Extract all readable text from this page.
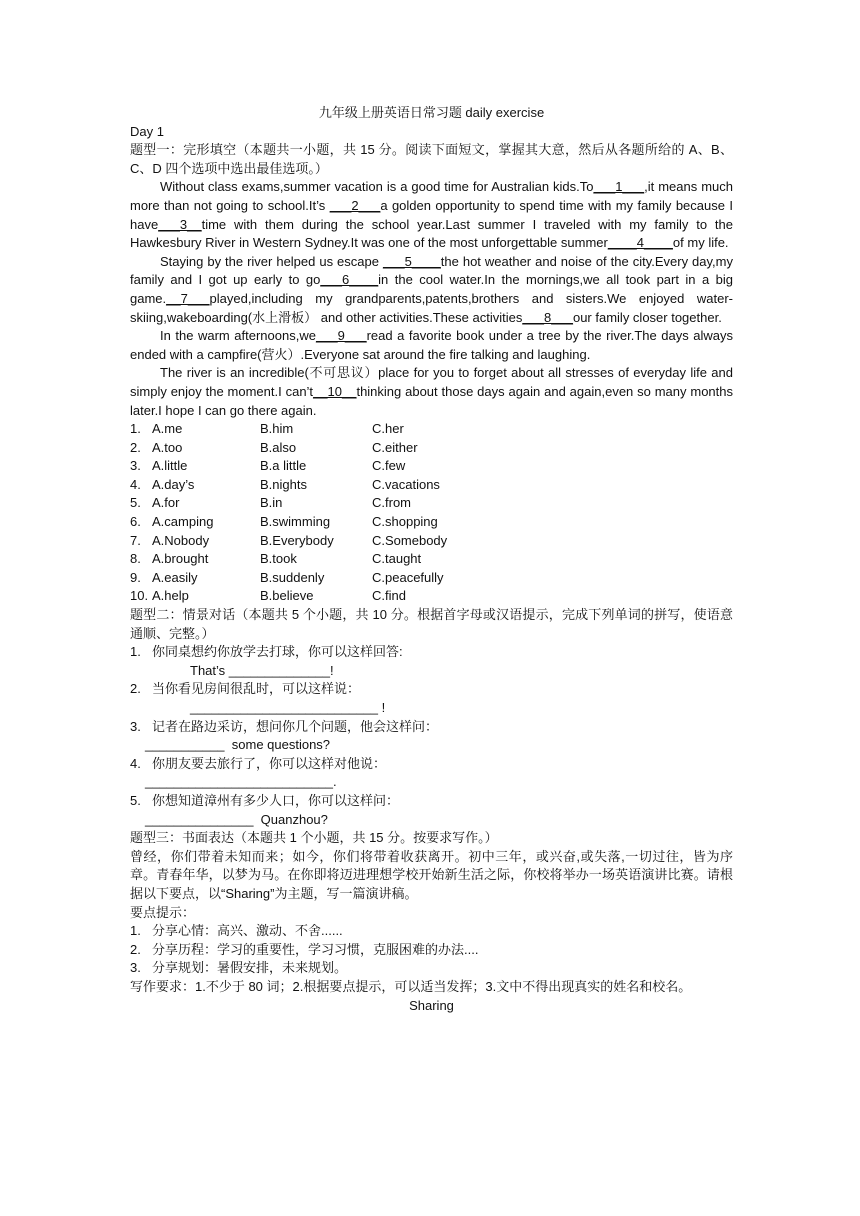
九年级上册英语日常习题 daily exercise
Day 1
题型一：完形填空（本题共一小题，共 15 分。阅读下面短文，掌握其大意，然后从各题所给的 A、B、C、D 四个选项中选出最佳选项。）
Without class exams,summer vacation is a good time for Australian kids.To___1___,it means much more than not going to school.It’s ___2___a golden opportunity to spend time with my family because I have___3__time with them during the school year.Last summer I traveled with my family to the Hawkesbury River in Western Sydney.It was one of the most unforgettable summer____4____of my life.
Staying by the river helped us escape ___5____the hot weather and noise of the city.Every day,my family and I got up early to go___6____in the cool water.In the mornings,we all took part in a big game.__7___played,including my grandparents,patents,brothers and sisters.We enjoyed water-skiing,wakeboarding(水上滑板） and other activities.These activities___8___our family closer together.
In the warm afternoons,we___9___read a favorite book under a tree by the river.The days always ended with a campfire(营火）.Everyone sat around the fire talking and laughing.
The river is an incredible(不可思议）place for you to forget about all stresses of everyday life and simply enjoy the moment.I can’t__10__thinking about those days again and again,even so many months later.I hope I can go there again.
1. A.me	B.him	C.her
2. A.too	B.also	C.either
3. A.little	B.a little	C.few
4. A.day’s	B.nights	C.vacations
5. A.for	B.in	C.from
6. A.camping	B.swimming	C.shopping
7. A.Nobody	B.Everybody	C.Somebody
8. A.brought	B.took	C.taught
9. A.easily	B.suddenly	C.peacefully
10. A.help	B.believe	C.find
题型二：情景对话（本题共 5 个小题，共 10 分。根据首字母或汉语提示，完成下列单词的拼写，使语意通顺、完整。）
1. 你同桌想约你放学去打球，你可以这样回答:
That’s ______________!
2. 当你看见房间很乱时，可以这样说：
__________________________ !
3. 记者在路边采访，想问你几个问题，他会这样问：
___________  some questions?
4. 你朋友要去旅行了，你可以这样对他说：
__________________________.
5. 你想知道漳州有多少人口，你可以这样问：
_______________  Quanzhou?
题型三：书面表达（本题共 1 个小题，共 15 分。按要求写作。）
曾经，你们带着未知而来；如今，你们将带着收获离开。初中三年，或兴奋,或失落,一切过往，皆为序章。青春年华，以梦为马。在你即将迈进理想学校开始新生活之际，你校将举办一场英语演讲比赛。请根据以下要点，以“Sharing”为主题，写一篇演讲稿。
要点提示：
1. 分享心情：高兴、激动、不舍......
2. 分享历程：学习的重要性，学习习惯，克服困难的办法....
3. 分享规划：暑假安排，未来规划。
写作要求：1.不少于 80 词；2.根据要点提示，可以适当发挥；3.文中不得出现真实的姓名和校名。
Sharing
